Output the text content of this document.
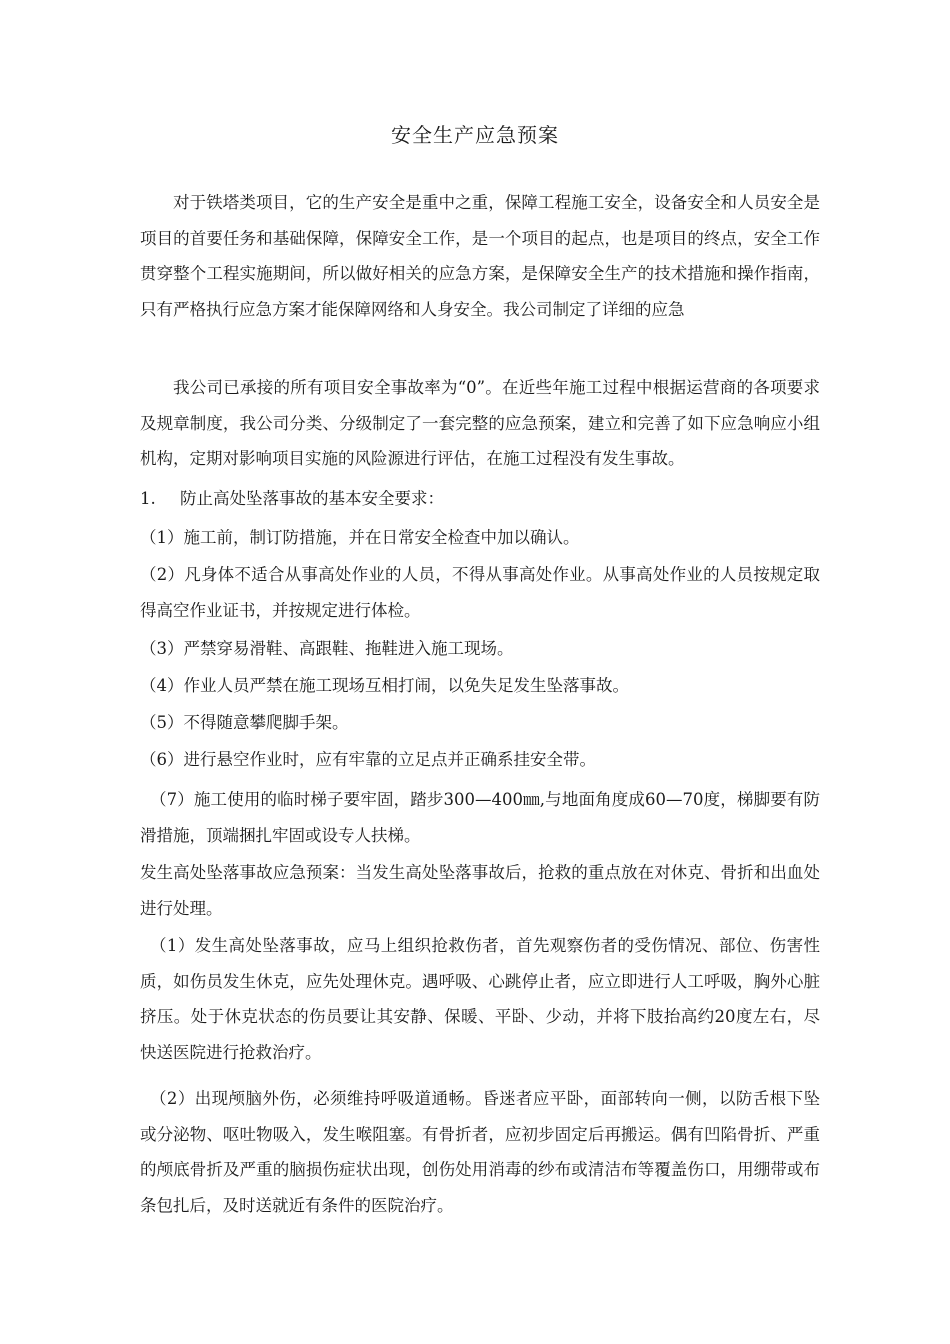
安全生产应急预案
对于铁塔类项目，它的生产安全是重中之重，保障工程施工安全，设备安全和人员安全是项目的首要任务和基础保障，保障安全工作，是一个项目的起点，也是项目的终点，安全工作贯穿整个工程实施期间，所以做好相关的应急方案，是保障安全生产的技术措施和操作指南，只有严格执行应急方案才能保障网络和人身安全。我公司制定了详细的应急
我公司已承接的所有项目安全事故率为“0”。在近些年施工过程中根据运营商的各项要求及规章制度，我公司分类、分级制定了一套完整的应急预案，建立和完善了如下应急响应小组机构，定期对影响项目实施的风险源进行评估，在施工过程没有发生事故。
1. 防止高处坠落事故的基本安全要求：
（1）施工前，制订防措施，并在日常安全检查中加以确认。
（2）凡身体不适合从事高处作业的人员，不得从事高处作业。从事高处作业的人员按规定取得高空作业证书，并按规定进行体检。
（3）严禁穿易滑鞋、高跟鞋、拖鞋进入施工现场。
（4）作业人员严禁在施工现场互相打闹，以免失足发生坠落事故。
（5）不得随意攀爬脚手架。
（6）进行悬空作业时，应有牢靠的立足点并正确系挂安全带。
（7）施工使用的临时梯子要牢固，踏步300—400㎜,与地面角度成60—70度，梯脚要有防滑措施，顶端捆扎牢固或设专人扶梯。
发生高处坠落事故应急预案：当发生高处坠落事故后，抢救的重点放在对休克、骨折和出血处进行处理。
（1）发生高处坠落事故，应马上组织抢救伤者，首先观察伤者的受伤情况、部位、伤害性质，如伤员发生休克，应先处理休克。遇呼吸、心跳停止者，应立即进行人工呼吸，胸外心脏挤压。处于休克状态的伤员要让其安静、保暖、平卧、少动，并将下肢抬高约20度左右，尽快送医院进行抢救治疗。
（2）出现颅脑外伤，必须维持呼吸道通畅。昏迷者应平卧，面部转向一侧，以防舌根下坠或分泌物、呕吐物吸入，发生喉阻塞。有骨折者，应初步固定后再搬运。偶有凹陷骨折、严重的颅底骨折及严重的脑损伤症状出现，创伤处用消毒的纱布或清洁布等覆盖伤口，用绷带或布条包扎后，及时送就近有条件的医院治疗。
